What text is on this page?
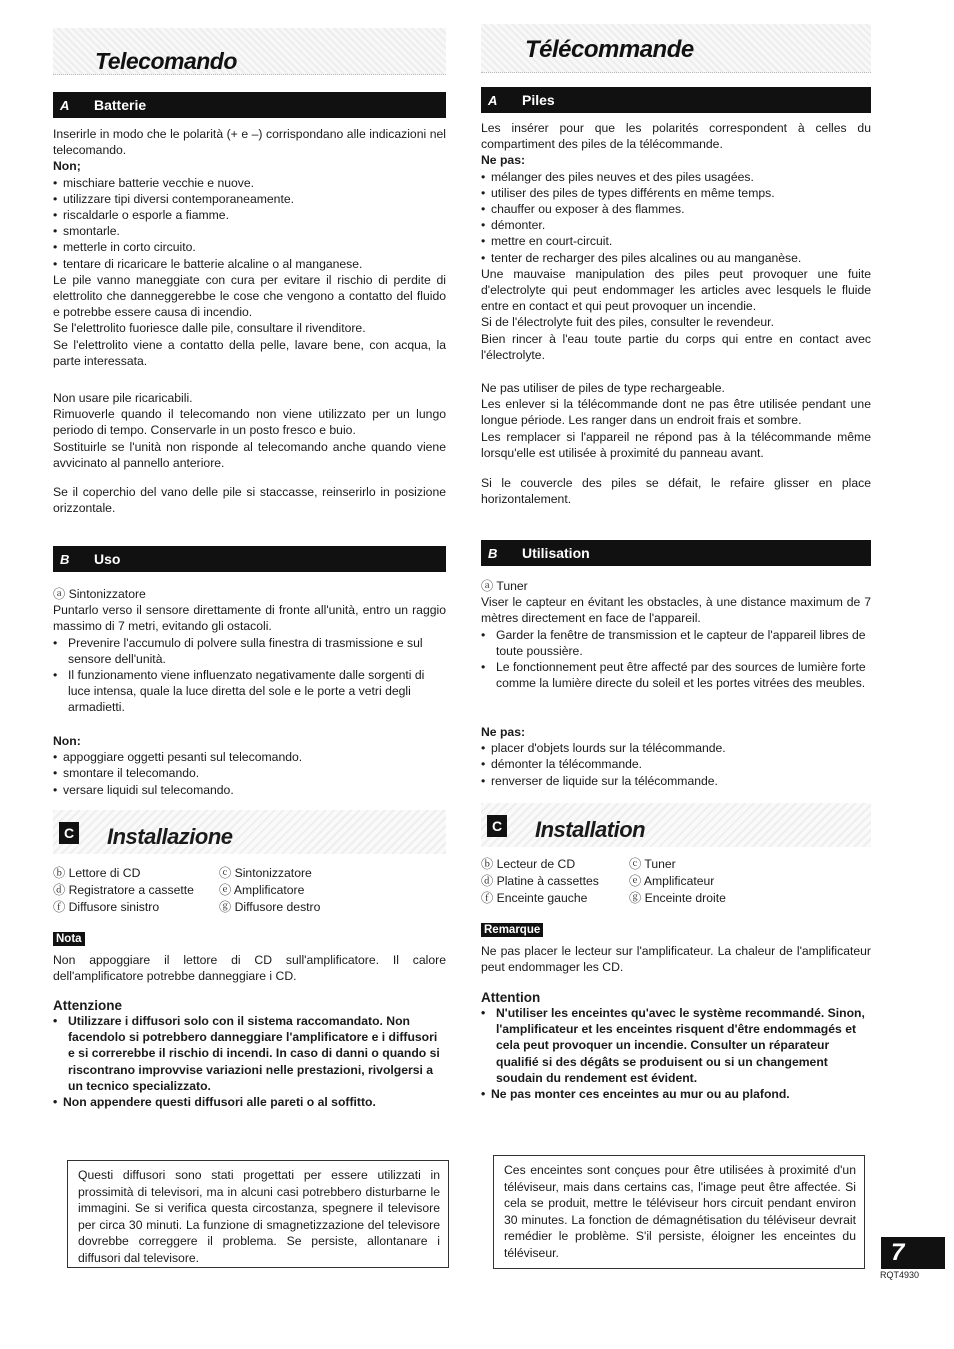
Telecomando
A Batterie

Inserirle in modo che le polarità (+ e –) corrispondano alle indicazioni nel telecomando.

Non;

• mischiare batterie vecchie e nuove.
• utilizzare tipi diversi contemporaneamente.
• riscaldarle o esporle a fiamme.
• smontarle.
• metterle in corto circuito.
• tentare di ricaricare le batterie alcaline o al manganese.

Le pile vanno maneggiate con cura per evitare il rischio di perdite di elettrolito che danneggerebbe le cose che vengono a contatto del fluido e potrebbe essere causa di incendio.

Se l'elettrolito fuoriesce dalle pile, consultare il rivenditore.

Se l'elettrolito viene a contatto della pelle, lavare bene, con acqua, la parte interessata.

Non usare pile ricaricabili.

Rimuoverle quando il telecomando non viene utilizzato per un lungo periodo di tempo. Conservarle in un posto fresco e buio.

Sostituirle se l'unità non risponde al telecomando anche quando viene avvicinato al pannello anteriore.

Se il coperchio del vano delle pile si staccasse, reinserirlo in posizione orizzontale.

B Uso

ⓐ Sintonizzatore

Puntarlo verso il sensore direttamente di fronte all'unità, entro un raggio massimo di 7 metri, evitando gli ostacoli.

• Prevenire l'accumulo di polvere sulla finestra di trasmissione e sul sensore dell'unità.
• Il funzionamento viene influenzato negativamente dalle sorgenti di luce intensa, quale la luce diretta del sole e le porte a vetri degli armadietti.

Non:

• appoggiare oggetti pesanti sul telecomando.
• smontare il telecomando.
• versare liquidi sul telecomando.
C Installazione
ⓑ Lettore di CD	ⓒ Sintonizzatore
ⓓ Registratore a cassette ⓔ Amplificatore
ⓕ Diffusore sinistro	ⓖ Diffusore destro
Nota

Non appoggiare il lettore di CD sull'amplificatore. Il calore dell'amplificatore potrebbe danneggiare i CD.

Attenzione

• Utilizzare i diffusori solo con il sistema raccomandato. Non facendolo si potrebbero danneggiare l'amplificatore e i diffusori e si correrebbe il rischio di incendi. In caso di danni o quando si riscontrano improvvise variazioni nelle prestazioni, rivolgersi a un tecnico specializzato.
• Non appendere questi diffusori alle pareti o al soffitto.
Questi diffusori sono stati progettati per essere utilizzati in prossimità di televisori, ma in alcuni casi potrebbero disturbarne le immagini. Se si verifica questa circostanza, spegnere il televisore per circa 30 minuti. La funzione di smagnetizzazione del televisore dovrebbe correggere il problema. Se persiste, allontanare i diffusori dal televisore.
Télécommande
A Piles

Les insérer pour que les polarités correspondent à celles du compartiment des piles de la télécommande.

Ne pas:

• mélanger des piles neuves et des piles usagées.
• utiliser des piles de types différents en même temps.
• chauffer ou exposer à des flammes.
• démonter.
• mettre en court-circuit.
• tenter de recharger des piles alcalines ou au manganèse.

Une mauvaise manipulation des piles peut provoquer une fuite d'electrolyte qui peut endommager les articles avec lesquels le fluide entre en contact et qui peut provoquer un incendie.

Si de l'électrolyte fuit des piles, consulter le revendeur.

Bien rincer à l'eau toute partie du corps qui entre en contact avec l'électrolyte.

Ne pas utiliser de piles de type rechargeable.

Les enlever si la télécommande dont ne pas être utilisée pendant une longue période. Les ranger dans un endroit frais et sombre.

Les remplacer si l'appareil ne répond pas à la télécommande même lorsqu'elle est utilisée à proximité du panneau avant.

Si le couvercle des piles se défait, le refaire glisser en place horizontalement.

B Utilisation

ⓐ Tuner

Viser le capteur en évitant les obstacles, à une distance maximum de 7 mètres directement en face de l'appareil.

• Garder la fenêtre de transmission et le capteur de l'appareil libres de toute poussière.
• Le fonctionnement peut être affecté par des sources de lumière forte comme la lumière directe du soleil et les portes vitrées des meubles.

Ne pas:

• placer d'objets lourds sur la télécommande.
• démonter la télécommande.
• renverser de liquide sur la télécommande.
C Installation
ⓑ Lecteur de CD	ⓒ Tuner
ⓓ Platine à cassettes ⓔ Amplificateur
ⓕ Enceinte gauche	ⓖ Enceinte droite
Remarque

Ne pas placer le lecteur sur l'amplificateur. La chaleur de l'amplificateur peut endommager les CD.

Attention

• N'utiliser les enceintes qu'avec le système recommandé. Sinon, l'amplificateur et les enceintes risquent d'être endommagés et cela peut provoquer un incendie. Consulter un réparateur qualifié si des dégâts se produisent ou si un changement soudain du rendement est évident.
• Ne pas monter ces enceintes au mur ou au plafond.
Ces enceintes sont conçues pour être utilisées à proximité d'un téléviseur, mais dans certains cas, l'image peut être affectée. Si cela se produit, mettre le téléviseur hors circuit pendant environ 30 minutes. La fonction de démagnétisation du téléviseur devrait remédier le problème. S'il persiste, éloigner les enceintes du téléviseur.	7
RQT4930
